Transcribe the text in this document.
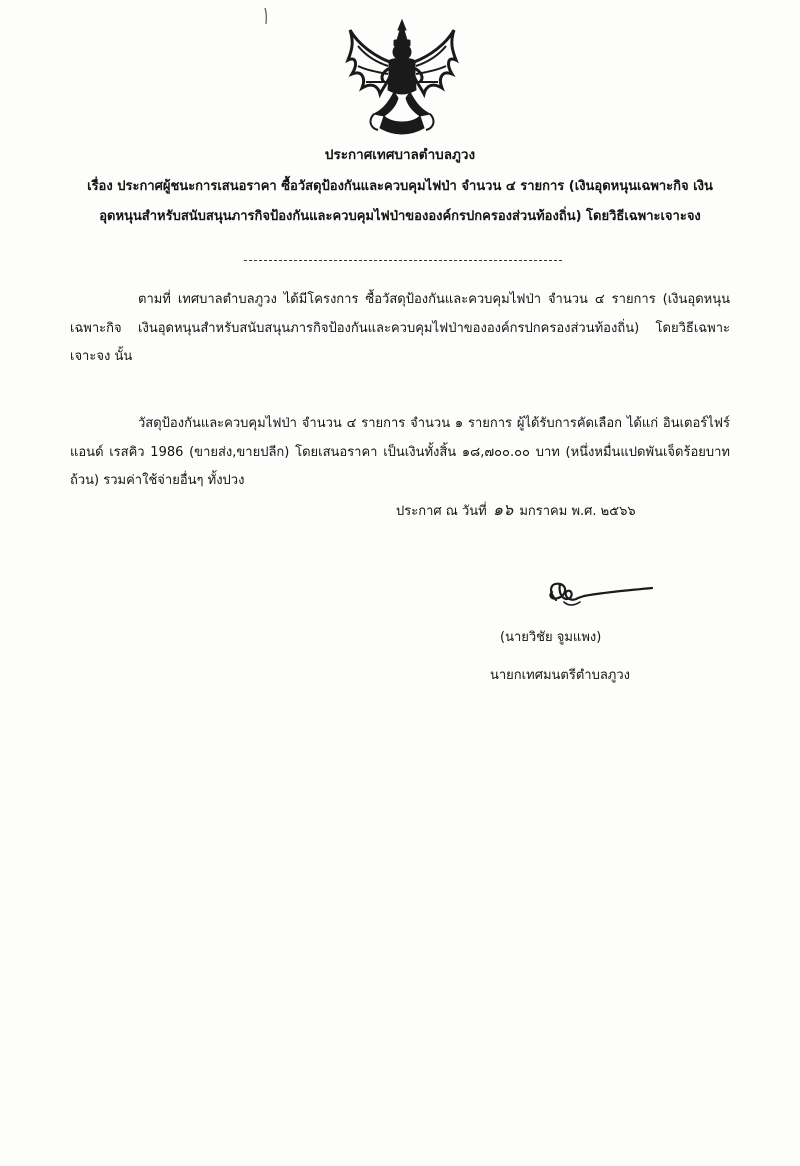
ประกาศเทศบาลตำบลภูวง
เรื่อง ประกาศผู้ชนะการเสนอราคา ซื้อวัสดุป้องกันและควบคุมไฟป่า จำนวน ๔ รายการ (เงินอุดหนุนเฉพาะกิจ เงินอุดหนุนสำหรับสนับสนุนภารกิจป้องกันและควบคุมไฟป่าขององค์กรปกครองส่วนท้องถิ่น) โดยวิธีเฉพาะเจาะจง
ตามที่ เทศบาลตำบลภูวง ได้มีโครงการ ซื้อวัสดุป้องกันและควบคุมไฟป่า จำนวน ๔ รายการ (เงินอุดหนุนเฉพาะกิจ เงินอุดหนุนสำหรับสนับสนุนภารกิจป้องกันและควบคุมไฟป่าขององค์กรปกครองส่วนท้องถิ่น) โดยวิธีเฉพาะเจาะจง นั้น
วัสดุป้องกันและควบคุมไฟป่า จำนวน ๔ รายการ จำนวน ๑ รายการ ผู้ได้รับการคัดเลือก ได้แก่ อินเตอร์ไฟร์ แอนด์ เรสคิว 1986 (ขายส่ง,ขายปลีก) โดยเสนอราคา เป็นเงินทั้งสิ้น ๑๘,๗๐๐.๐๐ บาท (หนึ่งหมื่นแปดพันเจ็ดร้อยบาทถ้วน) รวมค่าใช้จ่ายอื่นๆ ทั้งปวง
ประกาศ ณ วันที่ ๑๖ มกราคม พ.ศ. ๒๕๖๖
(นายวิชัย จูมแพง)
นายกเทศมนตรีตำบลภูวง
